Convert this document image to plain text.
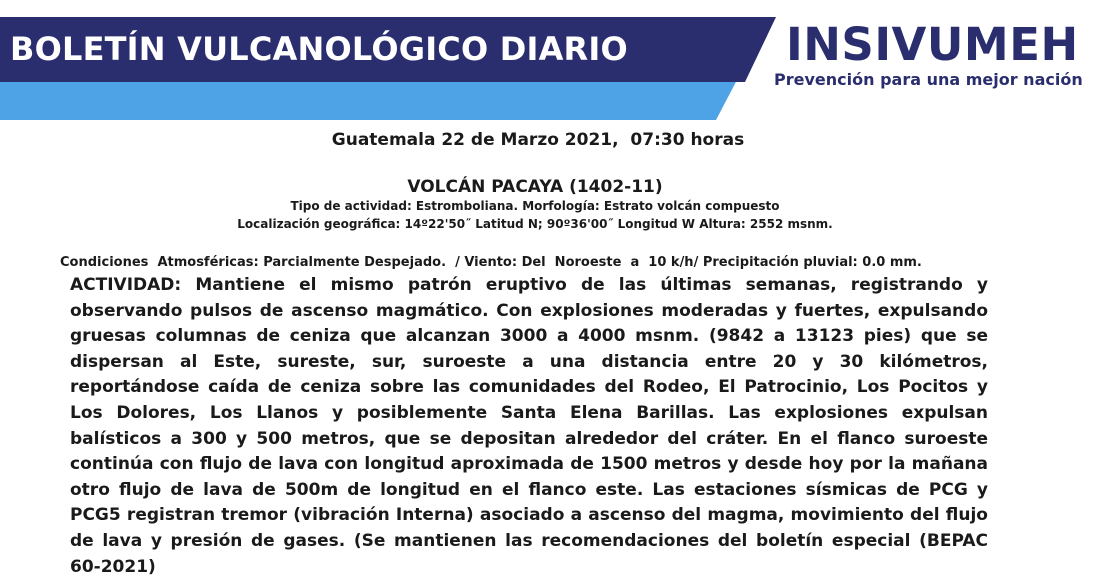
BOLETÍN VULCANOLÓGICO DIARIO	INSIVUMEH
Prevención para una mejor nación
Guatemala 22 de Marzo 2021,  07:30 horas
VOLCÁN PACAYA (1402-11)
Tipo de actividad: Estromboliana. Morfología: Estrato volcán compuesto
Localización geográfica: 14º22'50˝ Latitud N; 90º36'00˝ Longitud W Altura: 2552 msnm.
Condiciones  Atmosféricas: Parcialmente Despejado.  / Viento: Del  Noroeste  a  10 k/h/ Precipitación pluvial: 0.0 mm.

ACTIVIDAD: Mantiene el mismo patrón eruptivo de las últimas semanas, registrando y observando pulsos de ascenso magmático. Con explosiones moderadas y fuertes, expulsando gruesas columnas de ceniza que alcanzan 3000 a 4000 msnm. (9842 a 13123 pies) que se dispersan al Este, sureste, sur, suroeste a una distancia entre 20 y 30 kilómetros, reportándose caída de ceniza sobre las comunidades del Rodeo, El Patrocinio, Los Pocitos y Los Dolores, Los Llanos y posiblemente Santa Elena Barillas. Las explosiones expulsan balísticos a 300 y 500 metros, que se depositan alrededor del cráter. En el flanco suroeste continúa con flujo de lava con longitud aproximada de 1500 metros y desde hoy por la mañana otro flujo de lava de 500m de longitud en el flanco este. Las estaciones sísmicas de PCG y PCG5 registran tremor (vibración Interna) asociado a ascenso del magma, movimiento del flujo de lava y presión de gases. (Se mantienen las recomendaciones del boletín especial (BEPAC 60-2021)
